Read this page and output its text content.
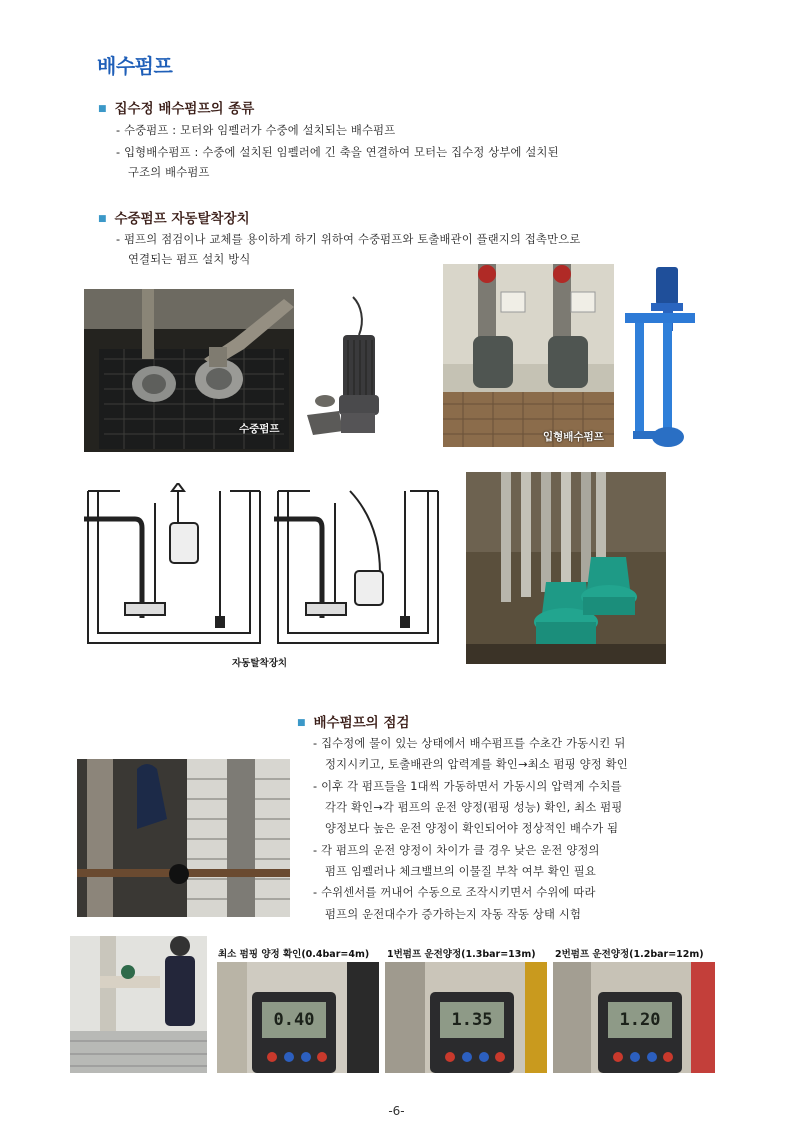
배수펌프
■ 집수정 배수펌프의 종류
- 수중펌프 : 모터와 임펠러가 수중에 설치되는 배수펌프
- 입형배수펌프 : 수중에 설치된 임펠러에 긴 축을 연결하여 모터는 집수정 상부에 설치된
구조의 배수펌프
■ 수중펌프 자동탈착장치
- 펌프의 점검이나 교체를 용이하게 하기 위하여 수중펌프와 토출배관이 플랜지의 접촉만으로
연결되는 펌프 설치 방식
수중펌프
입형배수펌프
자동탈착장치
■ 배수펌프의 점검
- 집수정에 물이 있는 상태에서 배수펌프를 수초간 가동시킨 뒤
정지시키고, 토출배관의 압력계를 확인→최소 펌핑 양정 확인
- 이후 각 펌프들을 1대씩 가동하면서 가동시의 압력계 수치를
각각 확인→각 펌프의 운전 양정(펌핑 성능) 확인, 최소 펌핑
양정보다 높은 운전 양정이 확인되어야 정상적인 배수가 됨
- 각 펌프의 운전 양정이 차이가 클 경우 낮은 운전 양정의
펌프 임펠러나 체크밸브의 이물질 부착 여부 확인 필요
- 수위센서를 꺼내어 수동으로 조작시키면서 수위에 따라
펌프의 운전대수가 증가하는지 자동 작동 상태 시험
최소 펌핑 양정 확인(0.4bar=4m) 1번펌프 운전양정(1.3bar=13m) 2번펌프 운전양정(1.2bar=12m)
0.40	1.35	1.20
-6-
